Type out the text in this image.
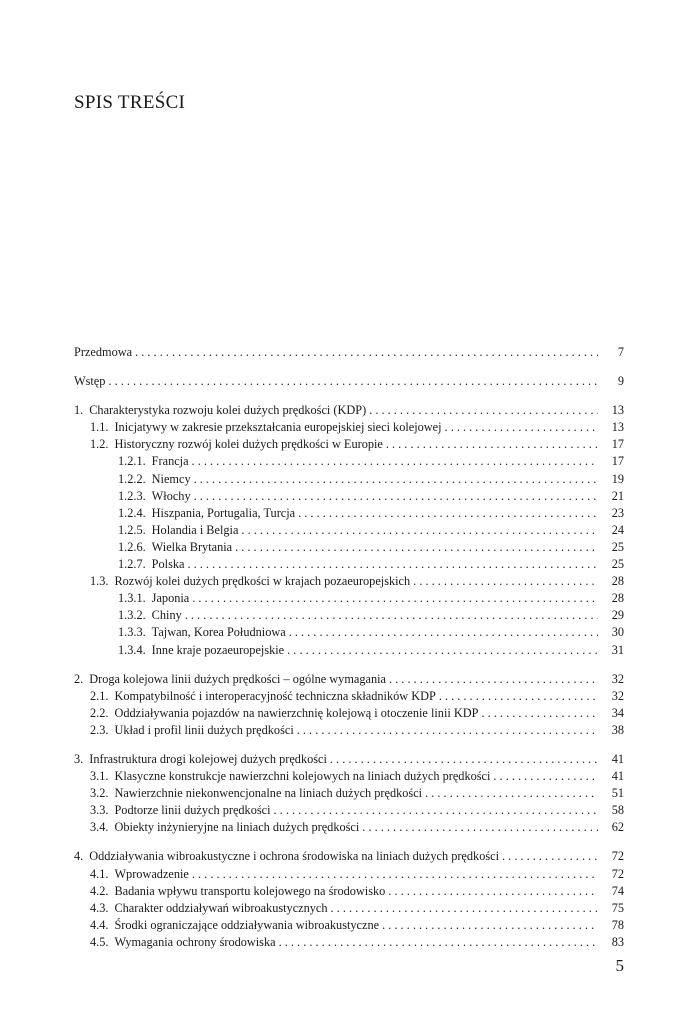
SPIS TREŚCI
Przedmowa . . .	7
Wstęp . . .	9
1. Charakterystyka rozwoju kolei dużych prędkości (KDP) . . .	13
1.1. Inicjatywy w zakresie przekształcania europejskiej sieci kolejowej . . .	13
1.2. Historyczny rozwój kolei dużych prędkości w Europie . . .	17
1.2.1. Francja . . .	17
1.2.2. Niemcy . . .	19
1.2.3. Włochy . . .	21
1.2.4. Hiszpania, Portugalia, Turcja . . .	23
1.2.5. Holandia i Belgia . . .	24
1.2.6. Wielka Brytania . . .	25
1.2.7. Polska . . .	25
1.3. Rozwój kolei dużych prędkości w krajach pozaeuropejskich . . .	28
1.3.1. Japonia . . .	28
1.3.2. Chiny . . .	29
1.3.3. Tajwan, Korea Południowa . . .	30
1.3.4. Inne kraje pozaeuropejskie . . .	31
2. Droga kolejowa linii dużych prędkości – ogólne wymagania . . .	32
2.1. Kompatybilność i interoperacyjność techniczna składników KDP . . .	32
2.2. Oddziaływania pojazdów na nawierzchnię kolejową i otoczenie linii KDP . . .	34
2.3. Układ i profil linii dużych prędkości . . .	38
3. Infrastruktura drogi kolejowej dużych prędkości . . .	41
3.1. Klasyczne konstrukcje nawierzchni kolejowych na liniach dużych prędkości . . .	41
3.2. Nawierzchnie niekonwencjonalne na liniach dużych prędkości . . .	51
3.3. Podtorze linii dużych prędkości . . .	58
3.4. Obiekty inżynieryjne na liniach dużych prędkości . . .	62
4. Oddziaływania wibroakustyczne i ochrona środowiska na liniach dużych prędkości . . .	72
4.1. Wprowadzenie . . .	72
4.2. Badania wpływu transportu kolejowego na środowisko . . .	74
4.3. Charakter oddziaływań wibroakustycznych . . .	75
4.4. Środki ograniczające oddziaływania wibroakustyczne . . .	78
4.5. Wymagania ochrony środowiska . . .	83
5
